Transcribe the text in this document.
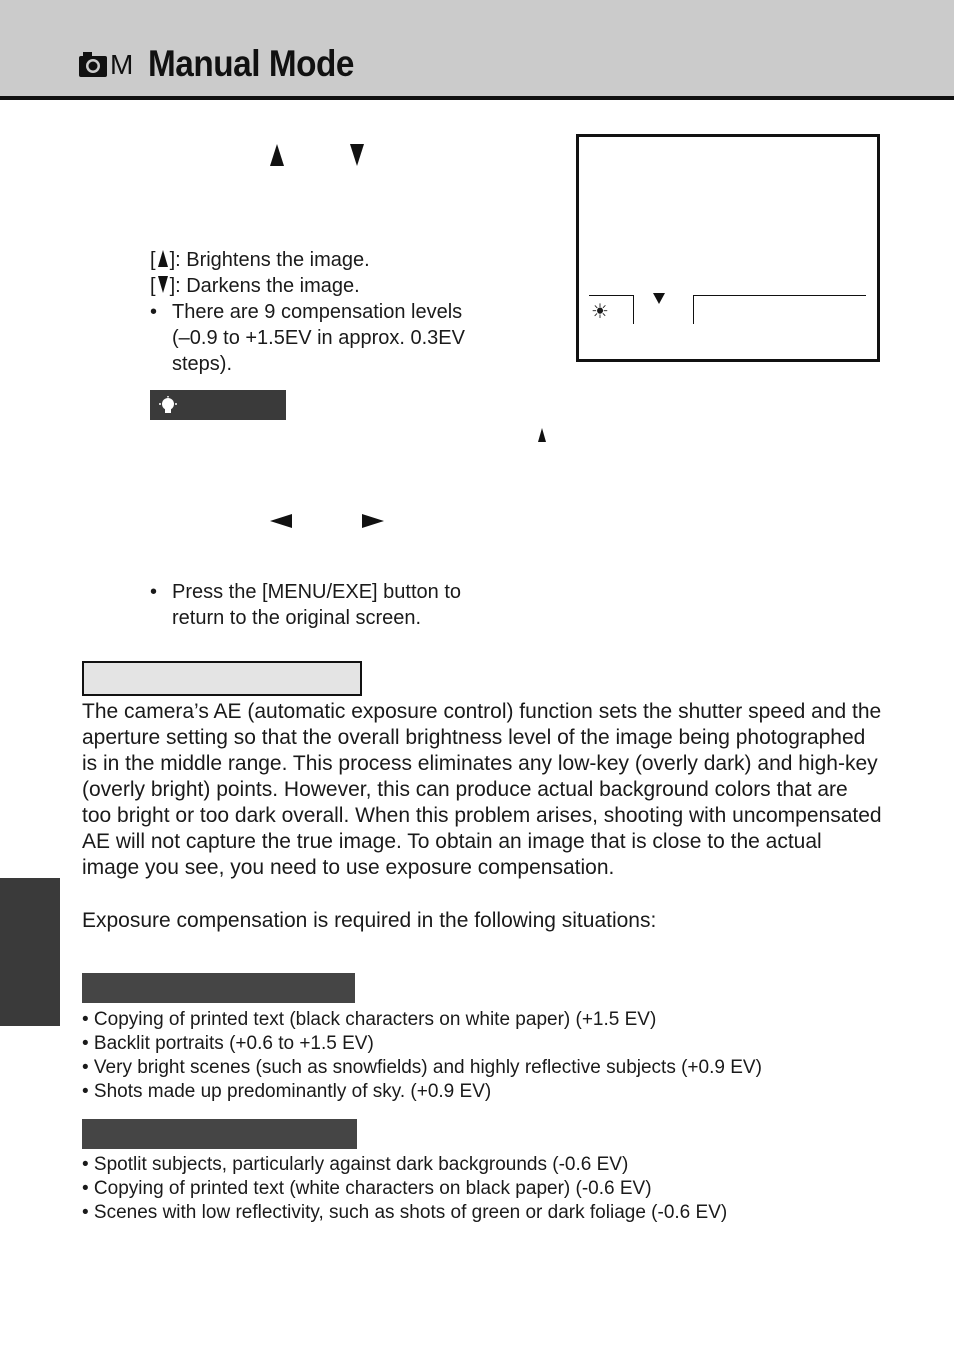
M Manual Mode
[ ]: Brightens the image.
[ ]: Darkens the image.
• There are 9 compensation levels
(–0.9 to +1.5EV in approx. 0.3EV
steps).
☀
• Press the [MENU/EXE] button to
return to the original screen.
The camera’s AE (automatic exposure control) function sets the shutter speed and the aperture setting so that the overall brightness level of the image being photographed is in the middle range. This process eliminates any low-key (overly dark) and high-key (overly bright) points. However, this can produce actual background colors that are too bright or too dark overall. When this problem arises, shooting with uncompensated AE will not capture the true image. To obtain an image that is close to the actual image you see, you need to use exposure compensation.
Exposure compensation is required in the following situations:
• Copying of printed text (black characters on white paper) (+1.5 EV)
• Backlit portraits (+0.6 to +1.5 EV)
• Very bright scenes (such as snowfields) and highly reflective subjects (+0.9 EV)
• Shots made up predominantly of sky. (+0.9 EV)
• Spotlit subjects, particularly against dark backgrounds (-0.6 EV)
• Copying of printed text (white characters on black paper) (-0.6 EV)
• Scenes with low reflectivity, such as shots of green or dark foliage (-0.6 EV)
